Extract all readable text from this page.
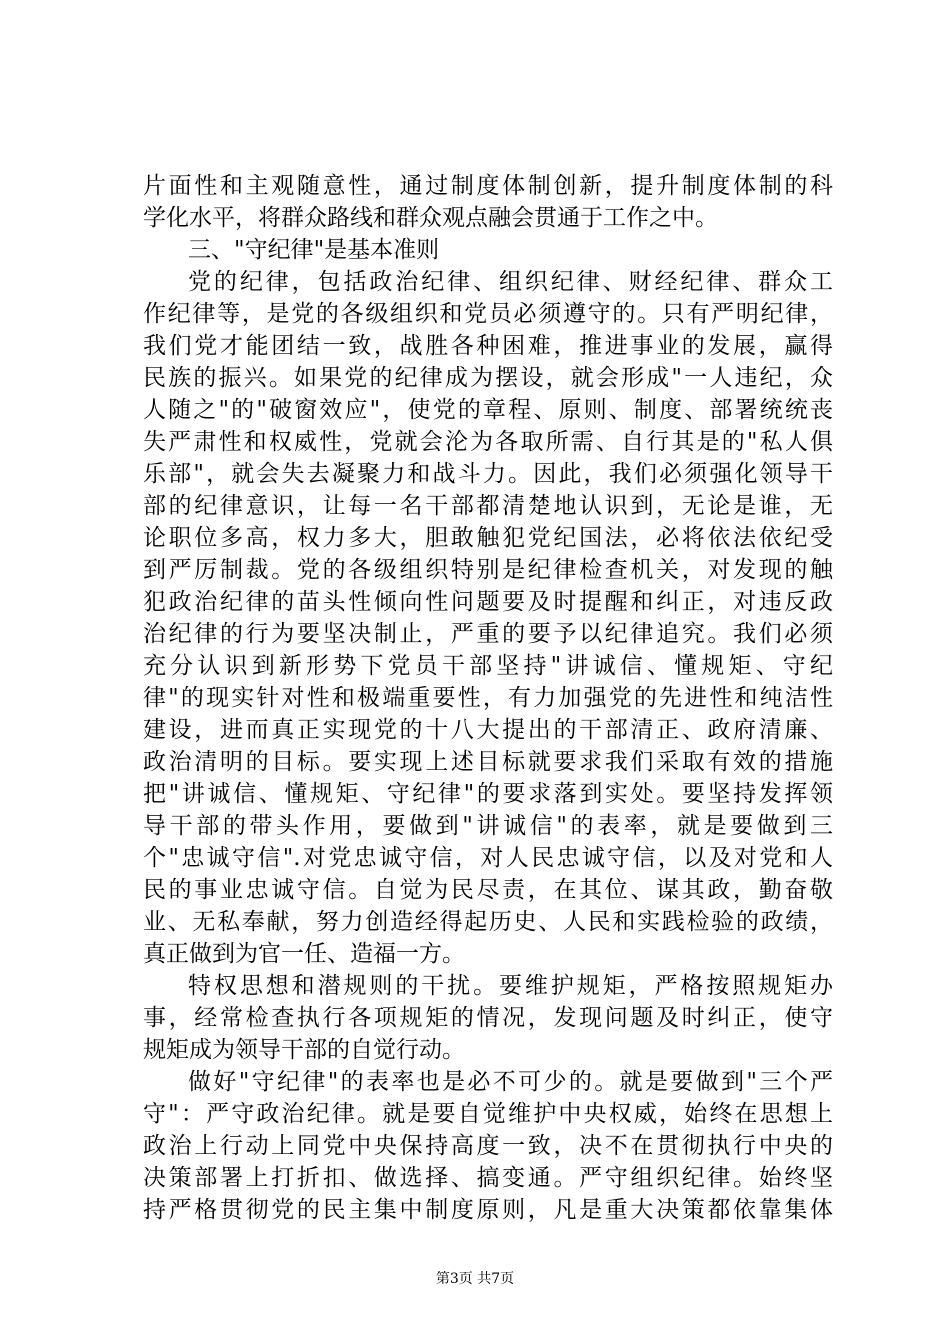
片面性和主观随意性，通过制度体制创新，提升制度体制的科
学化水平，将群众路线和群众观点融会贯通于工作之中。
三、"守纪律"是基本准则
党的纪律，包括政治纪律、组织纪律、财经纪律、群众工
作纪律等，是党的各级组织和党员必须遵守的。只有严明纪律，
我们党才能团结一致，战胜各种困难，推进事业的发展，赢得
民族的振兴。如果党的纪律成为摆设，就会形成"一人违纪，众
人随之"的"破窗效应"，使党的章程、原则、制度、部署统统丧
失严肃性和权威性，党就会沦为各取所需、自行其是的"私人俱
乐部"，就会失去凝聚力和战斗力。因此，我们必须强化领导干
部的纪律意识，让每一名干部都清楚地认识到，无论是谁，无
论职位多高，权力多大，胆敢触犯党纪国法，必将依法依纪受
到严厉制裁。党的各级组织特别是纪律检查机关，对发现的触
犯政治纪律的苗头性倾向性问题要及时提醒和纠正，对违反政
治纪律的行为要坚决制止，严重的要予以纪律追究。我们必须
充分认识到新形势下党员干部坚持"讲诚信、懂规矩、守纪
律"的现实针对性和极端重要性，有力加强党的先进性和纯洁性
建设，进而真正实现党的十八大提出的干部清正、政府清廉、
政治清明的目标。要实现上述目标就要求我们采取有效的措施
把"讲诚信、懂规矩、守纪律"的要求落到实处。要坚持发挥领
导干部的带头作用，要做到"讲诚信"的表率，就是要做到三
个"忠诚守信".对党忠诚守信，对人民忠诚守信，以及对党和人
民的事业忠诚守信。自觉为民尽责，在其位、谋其政，勤奋敬
业、无私奉献，努力创造经得起历史、人民和实践检验的政绩，
真正做到为官一任、造福一方。
特权思想和潜规则的干扰。要维护规矩，严格按照规矩办
事，经常检查执行各项规矩的情况，发现问题及时纠正，使守
规矩成为领导干部的自觉行动。
做好"守纪律"的表率也是必不可少的。就是要做到"三个严
守"：严守政治纪律。就是要自觉维护中央权威，始终在思想上
政治上行动上同党中央保持高度一致，决不在贯彻执行中央的
决策部署上打折扣、做选择、搞变通。严守组织纪律。始终坚
持严格贯彻党的民主集中制度原则，凡是重大决策都依靠集体
第3页 共7页
